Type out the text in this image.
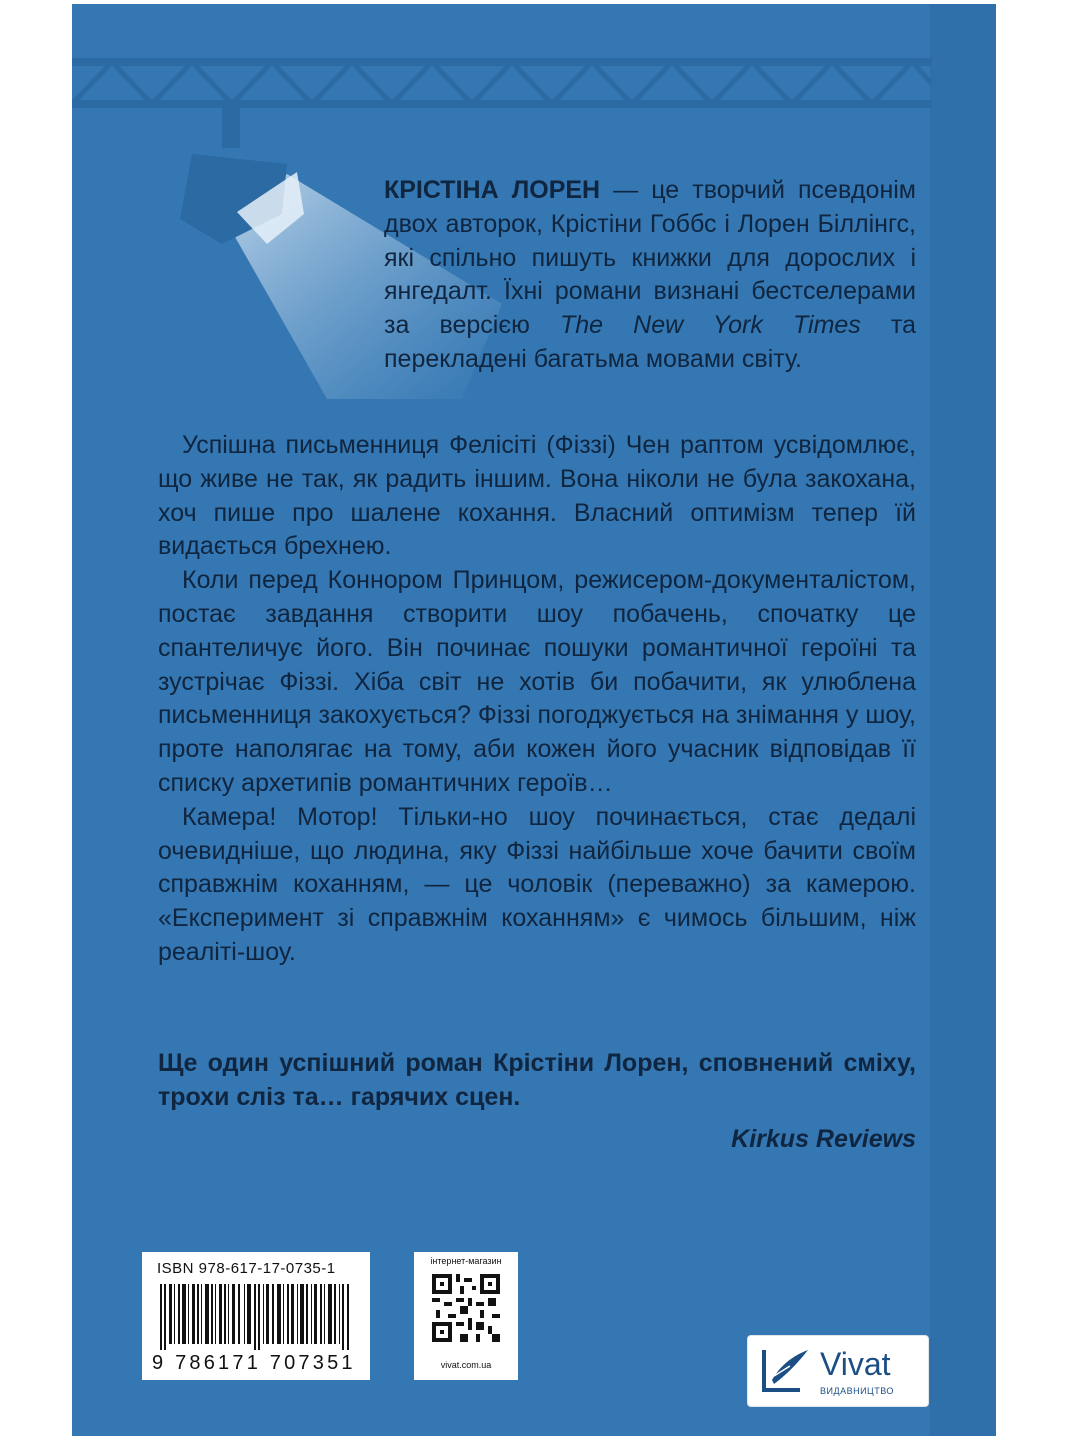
КРІСТІНА ЛОРЕН — це творчий псевдонім двох авторок, Крістіни Гоббс і Лорен Біллінгс, які спільно пишуть книжки для дорослих і янгедалт. Їхні романи визнані бестселерами за версією The New York Times та перекладені багатьма мовами світу.

Успішна письменниця Фелісіті (Фіззі) Чен раптом усвідомлює, що живе не так, як радить іншим. Вона ніколи не була закохана, хоч пише про шалене кохання. Власний оптимізм тепер їй видається брехнею.

Коли перед Коннором Принцом, режисером-документалістом, постає завдання створити шоу побачень, спочатку це спантеличує його. Він починає пошуки романтичної героїні та зустрічає Фіззі. Хіба світ не хотів би побачити, як улюблена письменниця закохується? Фіззі погоджується на знімання у шоу, проте наполягає на тому, аби кожен його учасник відповідав її списку архетипів романтичних героїв…

Камера! Мотор! Тільки-но шоу починається, стає дедалі очевидніше, що людина, яку Фіззі найбільше хоче бачити своїм справжнім коханням, — це чоловік (переважно) за камерою. «Експеримент зі справжнім коханням» є чимось більшим, ніж реаліті-шоу.

Ще один успішний роман Крістіни Лорен, сповнений сміху, трохи сліз та… гарячих сцен.
Kirkus Reviews
ISBN 978-617-17-0735-1
9 786171 707351
інтернет-магазин
vivat.com.ua	Vivat
ВИДАВНИЦТВО
